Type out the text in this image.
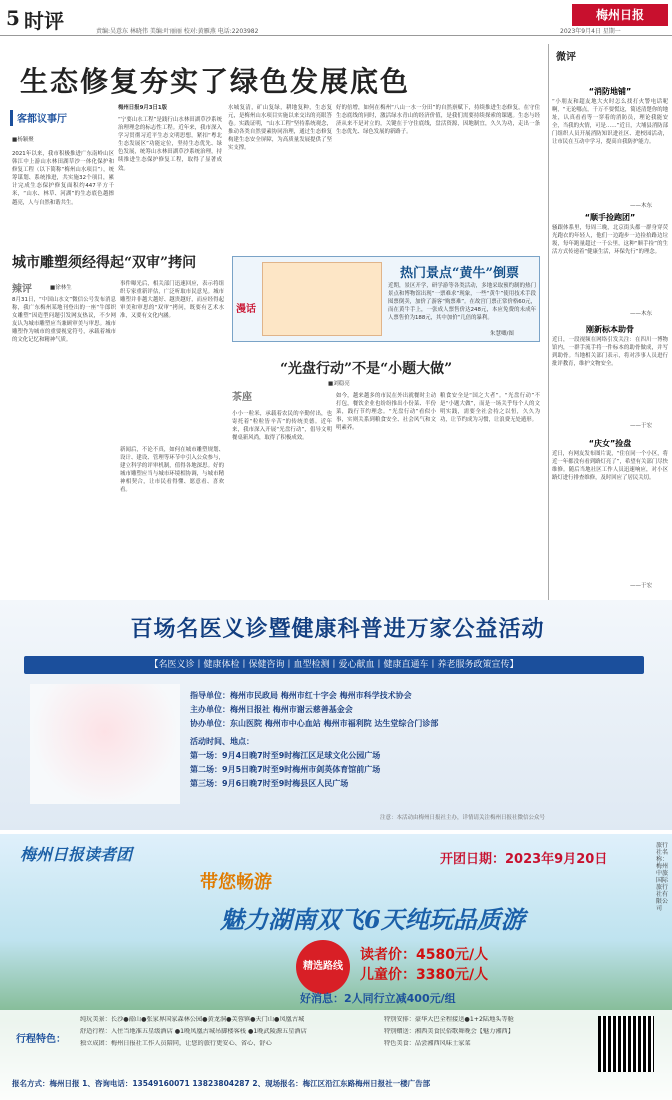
5 时评	责编:吴意东 林晓伟 美编:叶丽丽 校对:黄雁燕 电话:2203982
梅州日报
2023年9月4日 星期一
生态修复夯实了绿色发展底色
客都议事厅
■杨颖聚
2021年以来，我市积极推进广东南岭山区韩江中上游山水林田湖草沙一体化保护和修复工程（以下简称“梅州山水项目”），统筹谋划、系统推进，共实施32个项目，累计完成生态保护修复面积约447平方千米，“山水、林草、河湖”的生态底色越擦越亮，人与自然和谐共生。
梅州日报9月3日1版
“宁要山水工程”是践行山水林田湖草沙系统治理理念的标志性工程。近年来，我市深入学习贯彻习近平生态文明思想，紧扣“粤北生态发展区”功能定位，坚持生态优先、绿色发展，统筹山水林田湖草沙系统治理，持续推进生态保护修复工程，取得了显著成效。
水城复清，矿山复绿，耕地复种，生态复元，是梅州山水项目实施以来交出的亮眼答卷。实践证明，“山水工程”坚持系统观念，推动各类自然要素协同治理，通过生态修复构建生态安全屏障，为高质量发展提供了坚实支撑。
好的倍增，如何在梅州“八山一水一分田”的自然禀赋下，持续推进生态修复，在守住生态底线的同时，激活绿水青山的经济价值，是我们需要持续探索的课题。生态与经济从来不是对立的，关键在于守住底线，盘活资源，因地制宜，久久为功，走出一条生态优先、绿色发展的新路子。
城市雕塑须经得起“双审”拷问
辣评	■徐林生
8月31日，“中国山水文”微信公号发布消息称，我广东梅州某地刊登出的一座“牛郎织女雕塑”因造型问题引发网友热议，不少网友认为城市雕塑应当兼顾审美与审思。城市雕塑作为城市的重要视觉符号，承载着城市的文化记忆和精神气质。
事件曝光后，相关部门迅速回应，表示将组织专家重新评估，广泛听取市民意见。城市雕塑并非越大越好、越贵越好，而应经得起审美和审思的“双审”拷问，既要有艺术水准，又要有文化内涵。
新闻后，不论不真，如何在城市雕塑规划、设计、建设、管理等环节中引入公众参与，建立科学的评审机制，值得各地深思。好的城市雕塑应当与城市环境相协调，与城市精神相契合，让市民看得懂、愿意看、喜欢看。
漫话
热门景点“黄牛”倒票
近期，景区开学，研学游等各类活动，多地采取预约制的热门景点和博物馆出现“一票难求”现象，一些“黄牛”使用技术手段囤票倒卖，加价了游客“购票难”。在故宫门票正常价格60元，而在黄牛手上，一张成人票售价达248元，本应免费的未成年人票售价为188元，其中加价“几倍的暴利。
朱慧卿/图
“光盘行动”不是“小题大做”
茶座
■刘稳亮
小小一粒米，承载着农民的辛勤付出，也寄托着“粒粒皆辛苦”的传统美德。近年来，我市深入开展“光盘行动”，倡导文明餐桌新风尚，取得了积极成效。
如今，越来越多的市民在外出就餐时主动打包，餐饮企业也纷纷推出小份菜、半份菜，践行节约理念。“光盘行动”看似小事，实则关系到粮食安全、社会风气和文明素养。
粮食安全是“国之大者”。“光盘行动”不是“小题大做”，而是一场关乎每个人的文明实践，需要全社会持之以恒，久久为功，让节约成为习惯，让浪费无处遁形。
微评
“消防地铺”
“小朋友和超友地大火时怎么找打火警电话呢啊，“无论哪点，千万不要慌这，简述清楚你的地址，认真看看等一穿着的消防员，理论我能安全，当我的火情，可是……”近日，大埔县消防部门组织人员开展消防知识进社区、进校园活动，让市民在互动中学习，提高自我防护能力。
——木东
“顺手捡跑团”
骚跟体系里，每周三晚，北京街头都一群身穿荧光跑衣的年轻人，他们一边跑步一边捡拾路边垃圾，每年跑量超过一千公里，这种“顺手捡”的生活方式传递着“健康生活，环保先行”的理念。
——木东
刚新标本助骨
近日，一段视频在网络引发关注：在四川一博物馆内，一群手流手将一件标本的助骨做成，并写到助骨。当地相关部门表示，将对涉事人员进行批评教育，维护文物安全。
——于宏
“庆女”捡盘
近日，有网友发布图片说，“住在同一个小区，将近一年都没有看到路灯亮了”，希望有关部门尽快维修。随后当地社区工作人员迅速响应，对小区路灯进行排查维修，及时回应了居民关切。
——于宏
百场名医义诊暨健康科普进万家公益活动
【名医义诊丨健康体检丨保健咨询丨血型检测丨爱心献血丨健康直通车丨养老服务政策宣传】
指导单位：梅州市民政局 梅州市红十字会 梅州市科学技术协会
主办单位：梅州日报社 梅州市谢云慈善基金会
协办单位：东山医院 梅州市中心血站 梅州市福利院 达生堂综合门诊部
活动时间、地点：
第一场：9月4日晚7时至9时梅江区足球文化公园广场
第二场：9月5日晚7时至9时梅州市剑英体育馆前广场
第三场：9月6日晚7时至9时梅县区人民广场
注意：本活动由梅州日报社主办，详情请关注梅州日报社微信公众号
梅州日报读者团	开团日期：2023年9月20日
带您畅游
魅力湖南双飞6天纯玩品质游
精选路线
读者价：4580元/人
儿童价：3380元/人
好消息：2人同行立减400元/组
旅行社名称：梅州中旅国际旅行社有限公司
行程特色：
纯玩美景：长沙●韶山●张家界国家森林公园●黄龙洞●芙蓉镇●天门山●凤凰古城
舒适行程：入住当地准五星级酒店 ●1晚凤凰古城吊脚楼客栈 ●1晚武陵源五星酒店
独立成团：梅州日报社工作人员陪同，让您的旅行更安心、省心、舒心
特别安排：豪华大巴全程接送●1+2陆地头等舱
特别赠送：湘西美食民俗歌舞晚会【魅力湘西】
特色美食：品尝湘西风味土家菜
报名方式：梅州日报 1、咨询电话：13549160071 13823804287 2、现场报名：梅江区沿江东路梅州日报社一楼广告部
